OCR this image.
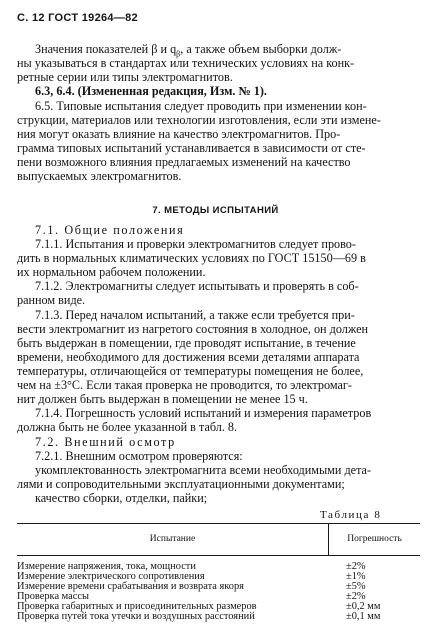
С. 12 ГОСТ 19264—82
Значения показателей β и $q_\beta$, а также объем выборки долж-
ны указываться в стандартах или технических условиях на конк-
ретные серии или типы электромагнитов.
6.3, 6.4. (Измененная редакция, Изм. № 1).
6.5. Типовые испытания следует проводить при изменении кон-
струкции, материалов или технологии изготовления, если эти измене-
ния могут оказать влияние на качество электромагнитов. Про-
грамма типовых испытаний устанавливается в зависимости от сте-
пени возможного влияния предлагаемых изменений на качество
выпускаемых электромагнитов.
7. МЕТОДЫ ИСПЫТАНИЙ
7.1. Общие положения
7.1.1. Испытания и проверки электромагнитов следует прово-
дить в нормальных климатических условиях по ГОСТ 15150—69 в
их нормальном рабочем положении.
7.1.2. Электромагниты следует испытывать и проверять в соб-
ранном виде.
7.1.3. Перед началом испытаний, а также если требуется при-
вести электромагнит из нагретого состояния в холодное, он должен
быть выдержан в помещении, где проводят испытание, в течение
времени, необходимого для достижения всеми деталями аппарата
температуры, отличающейся от температуры помещения не более,
чем на ±3°С. Если такая проверка не проводится, то электромаг-
нит должен быть выдержан в помещении не менее 15 ч.
7.1.4. Погрешность условий испытаний и измерения параметров
должна быть не более указанной в табл. 8.
7.2. Внешний осмотр
7.2.1. Внешним осмотром проверяются:
укомплектованность электромагнита всеми необходимыми дета-
лями и сопроводительными эксплуатационными документами;
качество сборки, отделки, пайки;
Таблица 8
Испытание	Погрешность
Измерение напряжения, тока, мощности	±2%
Измерение электрического сопротивления	±1%
Измерение времени срабатывания и возврата якоря	±5%
Проверка массы	±2%
Проверка габаритных и присоединительных размеров	±0,2 мм
Проверка путей тока утечки и воздушных расстояний	±0,1 мм
